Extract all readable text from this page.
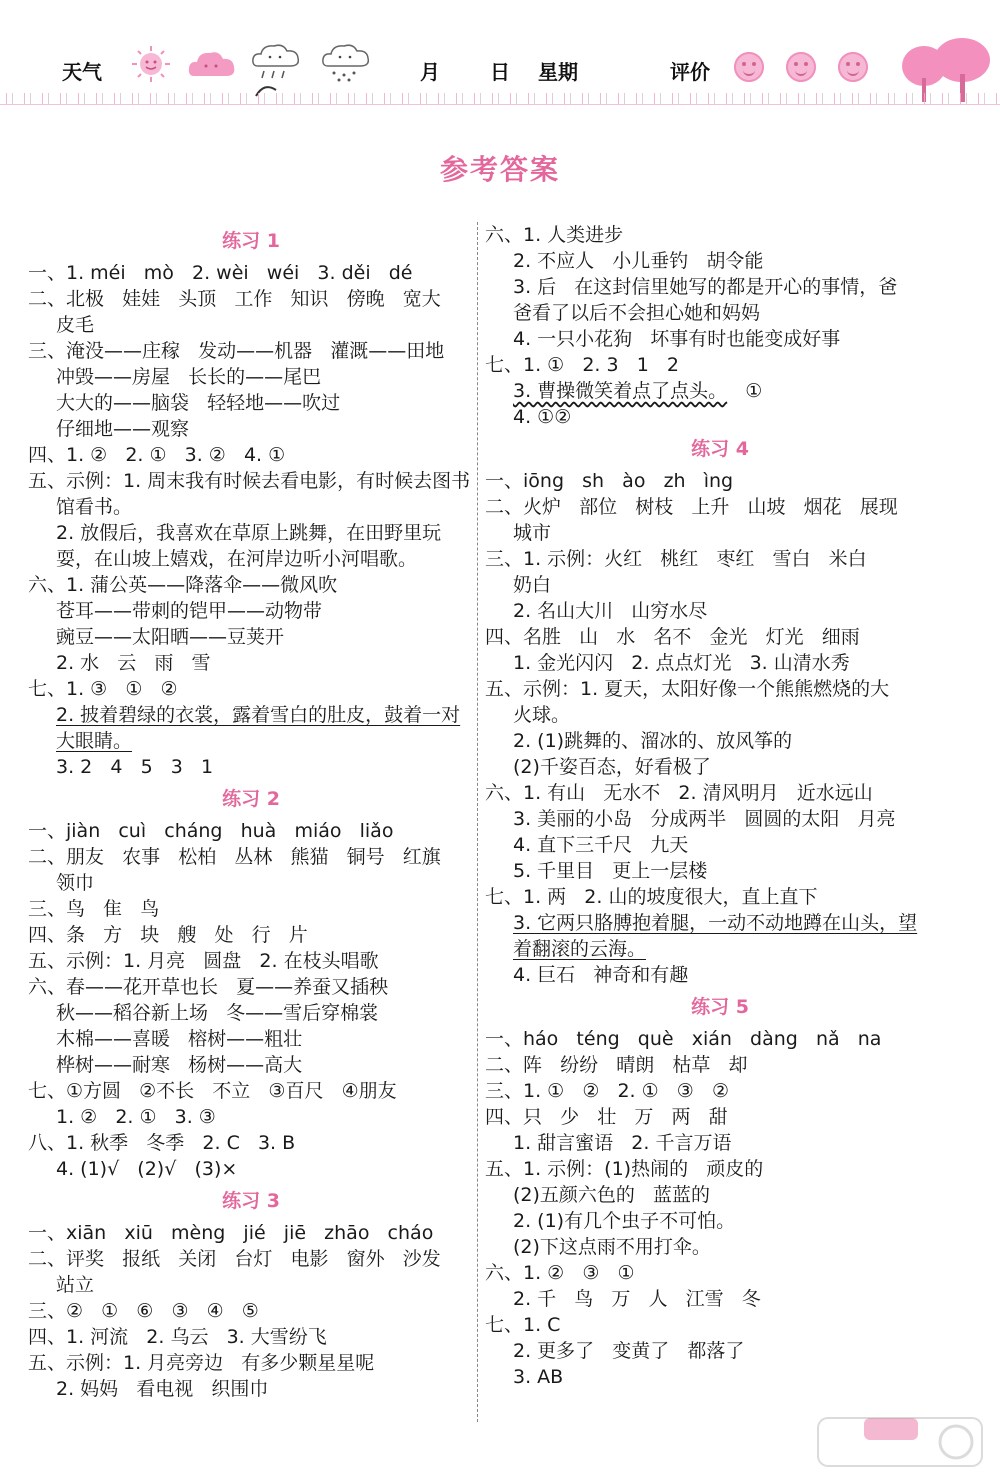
天气	月	日 星期	评价
参考答案
练习 1
一、1. méi   mò   2. wèi   wéi   3. děi   dé
二、北极   娃娃   头顶   工作   知识   傍晚   宽大
皮毛
三、淹没——庄稼   发动——机器   灌溉——田地
冲毁——房屋   长长的——尾巴
大大的——脑袋   轻轻地——吹过
仔细地——观察
四、1. ②   2. ①   3. ②   4. ①
五、示例：1. 周末我有时候去看电影，有时候去图书
馆看书。
2. 放假后，我喜欢在草原上跳舞，在田野里玩
耍，在山坡上嬉戏，在河岸边听小河唱歌。
六、1. 蒲公英——降落伞——微风吹
苍耳——带刺的铠甲——动物带
豌豆——太阳晒——豆荚开
2. 水   云   雨   雪
七、1. ③   ①   ②
2. 披着碧绿的衣裳，露着雪白的肚皮，鼓着一对
大眼睛。
3. 2   4   5   3   1
练习 2
一、jiàn   cuì   cháng   huà   miáo   liǎo
二、朋友   农事   松柏   丛林   熊猫   铜号   红旗
领巾
三、鸟   隹   鸟
四、条   方   块   艘   处   行   片
五、示例：1. 月亮   圆盘   2. 在枝头唱歌
六、春——花开草也长   夏——养蚕又插秧
秋——稻谷新上场   冬——雪后穿棉裳
木棉——喜暖   榕树——粗壮
桦树——耐寒   杨树——高大
七、①方圆   ②不长   不立   ③百尺   ④朋友
1. ②   2. ①   3. ③
八、1. 秋季   冬季   2. C   3. B
4. (1)√   (2)√   (3)×
练习 3
一、xiān   xiū   mèng   jié   jiē   zhāo   cháo
二、评奖   报纸   关闭   台灯   电影   窗外   沙发
站立
三、②   ①   ⑥   ③   ④   ⑤
四、1. 河流   2. 乌云   3. 大雪纷飞
五、示例：1. 月亮旁边   有多少颗星星呢
2. 妈妈   看电视   织围巾
六、1. 人类进步
2. 不应人   小儿垂钓   胡令能
3. 后   在这封信里她写的都是开心的事情，爸
爸看了以后不会担心她和妈妈
4. 一只小花狗   坏事有时也能变成好事
七、1. ①   2. 3   1   2
3. 曹操微笑着点了点头。   ①
4. ①②
练习 4
一、iōng   sh   ào   zh   ìng
二、火炉   部位   树枝   上升   山坡   烟花   展现
城市
三、1. 示例：火红   桃红   枣红   雪白   米白
奶白
2. 名山大川   山穷水尽
四、名胜   山   水   名不   金光   灯光   细雨
1. 金光闪闪   2. 点点灯光   3. 山清水秀
五、示例：1. 夏天，太阳好像一个熊熊燃烧的大
火球。
2. (1)跳舞的、溜冰的、放风筝的
(2)千姿百态，好看极了
六、1. 有山   无水不   2. 清风明月   近水远山
3. 美丽的小岛   分成两半   圆圆的太阳   月亮
4. 直下三千尺   九天
5. 千里目   更上一层楼
七、1. 两   2. 山的坡度很大，直上直下
3. 它两只胳膊抱着腿，一动不动地蹲在山头，望
着翻滚的云海。
4. 巨石   神奇和有趣
练习 5
一、háo   téng   què   xián   dàng   nǎ   na
二、阵   纷纷   晴朗   枯草   却
三、1. ①   ②   2. ①   ③   ②
四、只   少   壮   万   两   甜
1. 甜言蜜语   2. 千言万语
五、1. 示例：(1)热闹的   顽皮的
(2)五颜六色的   蓝蓝的
2. (1)有几个虫子不可怕。
(2)下这点雨不用打伞。
六、1. ②   ③   ①
2. 千   鸟   万   人   江雪   冬
七、1. C
2. 更多了   变黄了   都落了
3. AB
